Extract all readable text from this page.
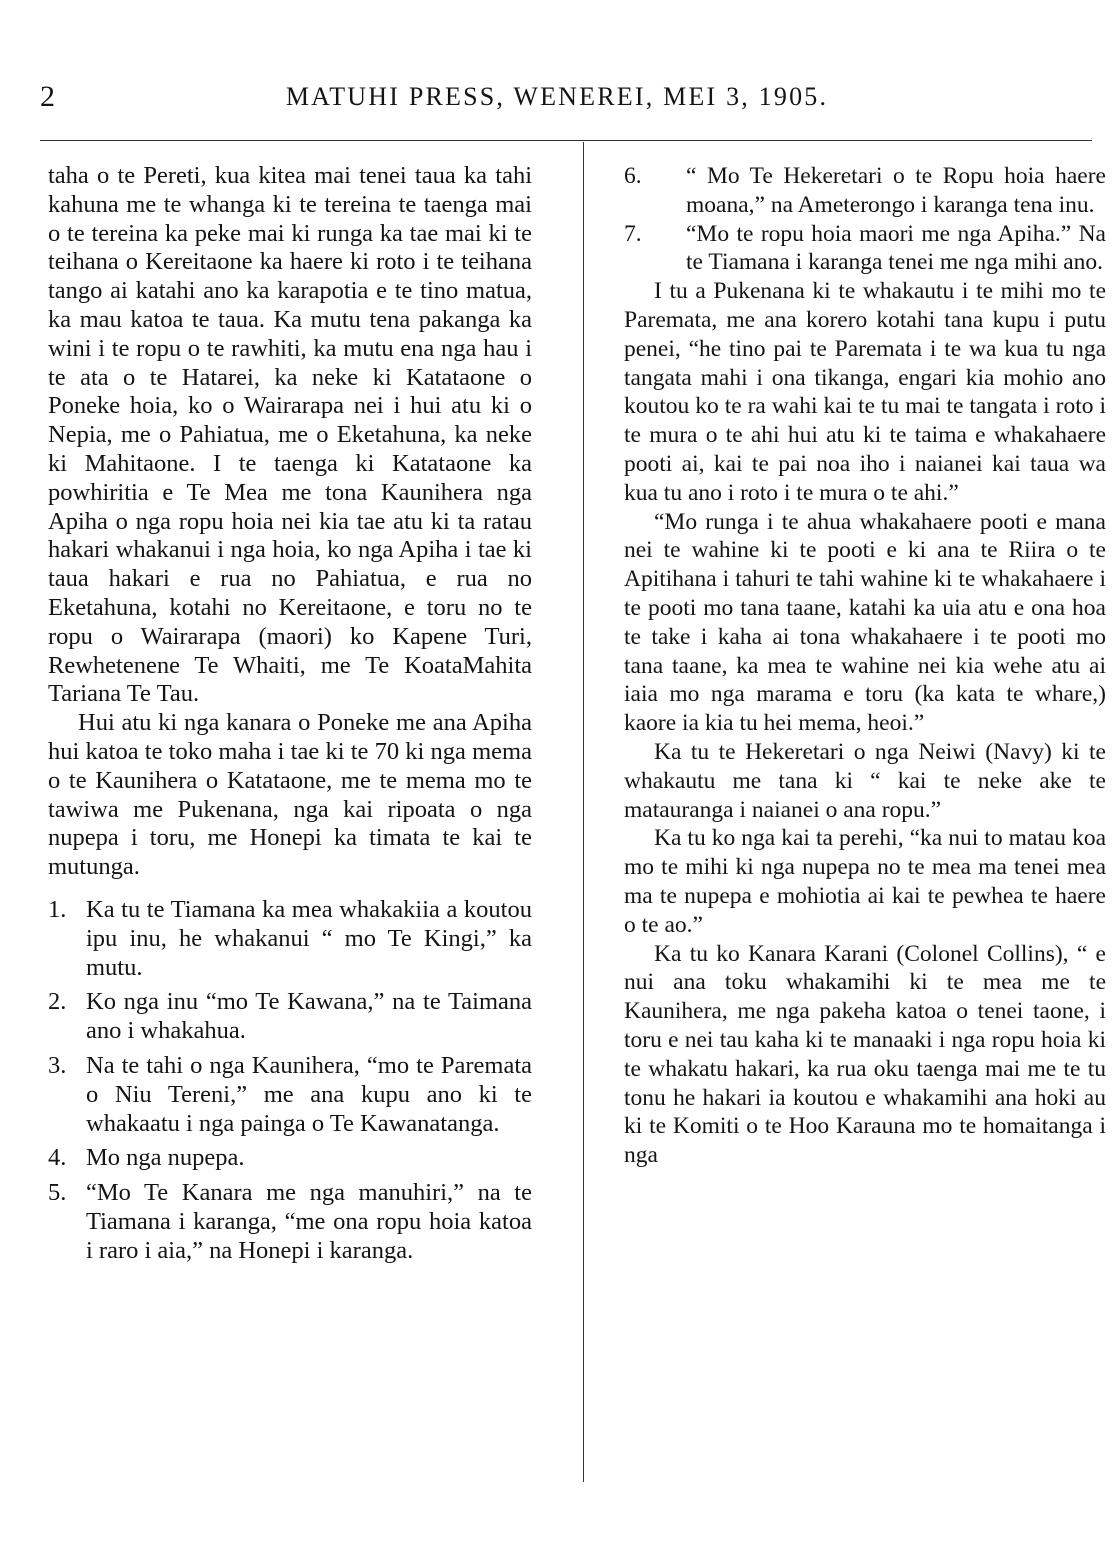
2	MATUHI PRESS, WENEREI, MEI 3, 1905.

taha o te Pereti, kua kitea mai tenei taua ka tahi kahuna me te whanga ki te tereina te taenga mai o te tereina ka peke mai ki runga ka tae mai ki te teihana o Kereitaone ka haere ki roto i te teihana tango ai katahi ano ka karapotia e te tino matua, ka mau katoa te taua. Ka mutu tena pakanga ka wini i te ropu o te rawhiti, ka mutu ena nga hau i te ata o te Hatarei, ka neke ki Katataone o Poneke hoia, ko o Wairarapa nei i hui atu ki o Nepia, me o Pahiatua, me o Eketahuna, ka neke ki Mahitaone. I te taenga ki Katataone ka powhiritia e Te Mea me tona Kaunihera nga Apiha o nga ropu hoia nei kia tae atu ki ta ratau hakari whakanui i nga hoia, ko nga Apiha i tae ki taua hakari e rua no Pahiatua, e rua no Eketahuna, kotahi no Kereitaone, e toru no te ropu o Wairarapa (maori) ko Kapene Turi, Rewhetenene Te Whaiti, me Te KoataMahita Tariana Te Tau.

Hui atu ki nga kanara o Poneke me ana Apiha hui katoa te toko maha i tae ki te 70 ki nga mema o te Kaunihera o Katataone, me te mema mo te tawiwa me Pukenana, nga kai ripoata o nga nupepa i toru, me Honepi ka timata te kai te mutunga.

1. Ka tu te Tiamana ka mea whakakiia a koutou ipu inu, he whakanui “ mo Te Kingi,” ka mutu.
2. Ko nga inu “mo Te Kawana,” na te Taimana ano i whakahua.
3. Na te tahi o nga Kaunihera, “mo te Paremata o Niu Tereni,” me ana kupu ano ki te whakaatu i nga painga o Te Kawanatanga.
4. Mo nga nupepa.
5. “Mo Te Kanara me nga manuhiri,” na te Tiamana i karanga, “me ona ropu hoia katoa i raro i aia,” na Honepi i karanga.
6. “ Mo Te Hekeretari o te Ropu hoia haere moana,” na Ameterongo i karanga tena inu.
7. “Mo te ropu hoia maori me nga Apiha.” Na te Tiamana i karanga tenei me nga mihi ano.

I tu a Pukenana ki te whakautu i te mihi mo te Paremata, me ana korero kotahi tana kupu i putu penei, “he tino pai te Paremata i te wa kua tu nga tangata mahi i ona tikanga, engari kia mohio ano koutou ko te ra wahi kai te tu mai te tangata i roto i te mura o te ahi hui atu ki te taima e whakahaere pooti ai, kai te pai noa iho i naianei kai taua wa kua tu ano i roto i te mura o te ahi.”

“Mo runga i te ahua whakahaere pooti e mana nei te wahine ki te pooti e ki ana te Riira o te Apitihana i tahuri te tahi wahine ki te whakahaere i te pooti mo tana taane, katahi ka uia atu e ona hoa te take i kaha ai tona whakahaere i te pooti mo tana taane, ka mea te wahine nei kia wehe atu ai iaia mo nga marama e toru (ka kata te whare,) kaore ia kia tu hei mema, heoi.”

Ka tu te Hekeretari o nga Neiwi (Navy) ki te whakautu me tana ki “ kai te neke ake te matauranga i naianei o ana ropu.”

Ka tu ko nga kai ta perehi, “ka nui to matau koa mo te mihi ki nga nupepa no te mea ma tenei mea ma te nupepa e mohiotia ai kai te pewhea te haere o te ao.”

Ka tu ko Kanara Karani (Colonel Collins), “ e nui ana toku whakamihi ki te mea me te Kaunihera, me nga pakeha katoa o tenei taone, i toru e nei tau kaha ki te manaaki i nga ropu hoia ki te whakatu hakari, ka rua oku taenga mai me te tu tonu he hakari ia koutou e whakamihi ana hoki au ki te Komiti o te Hoo Karauna mo te homaitanga i nga
